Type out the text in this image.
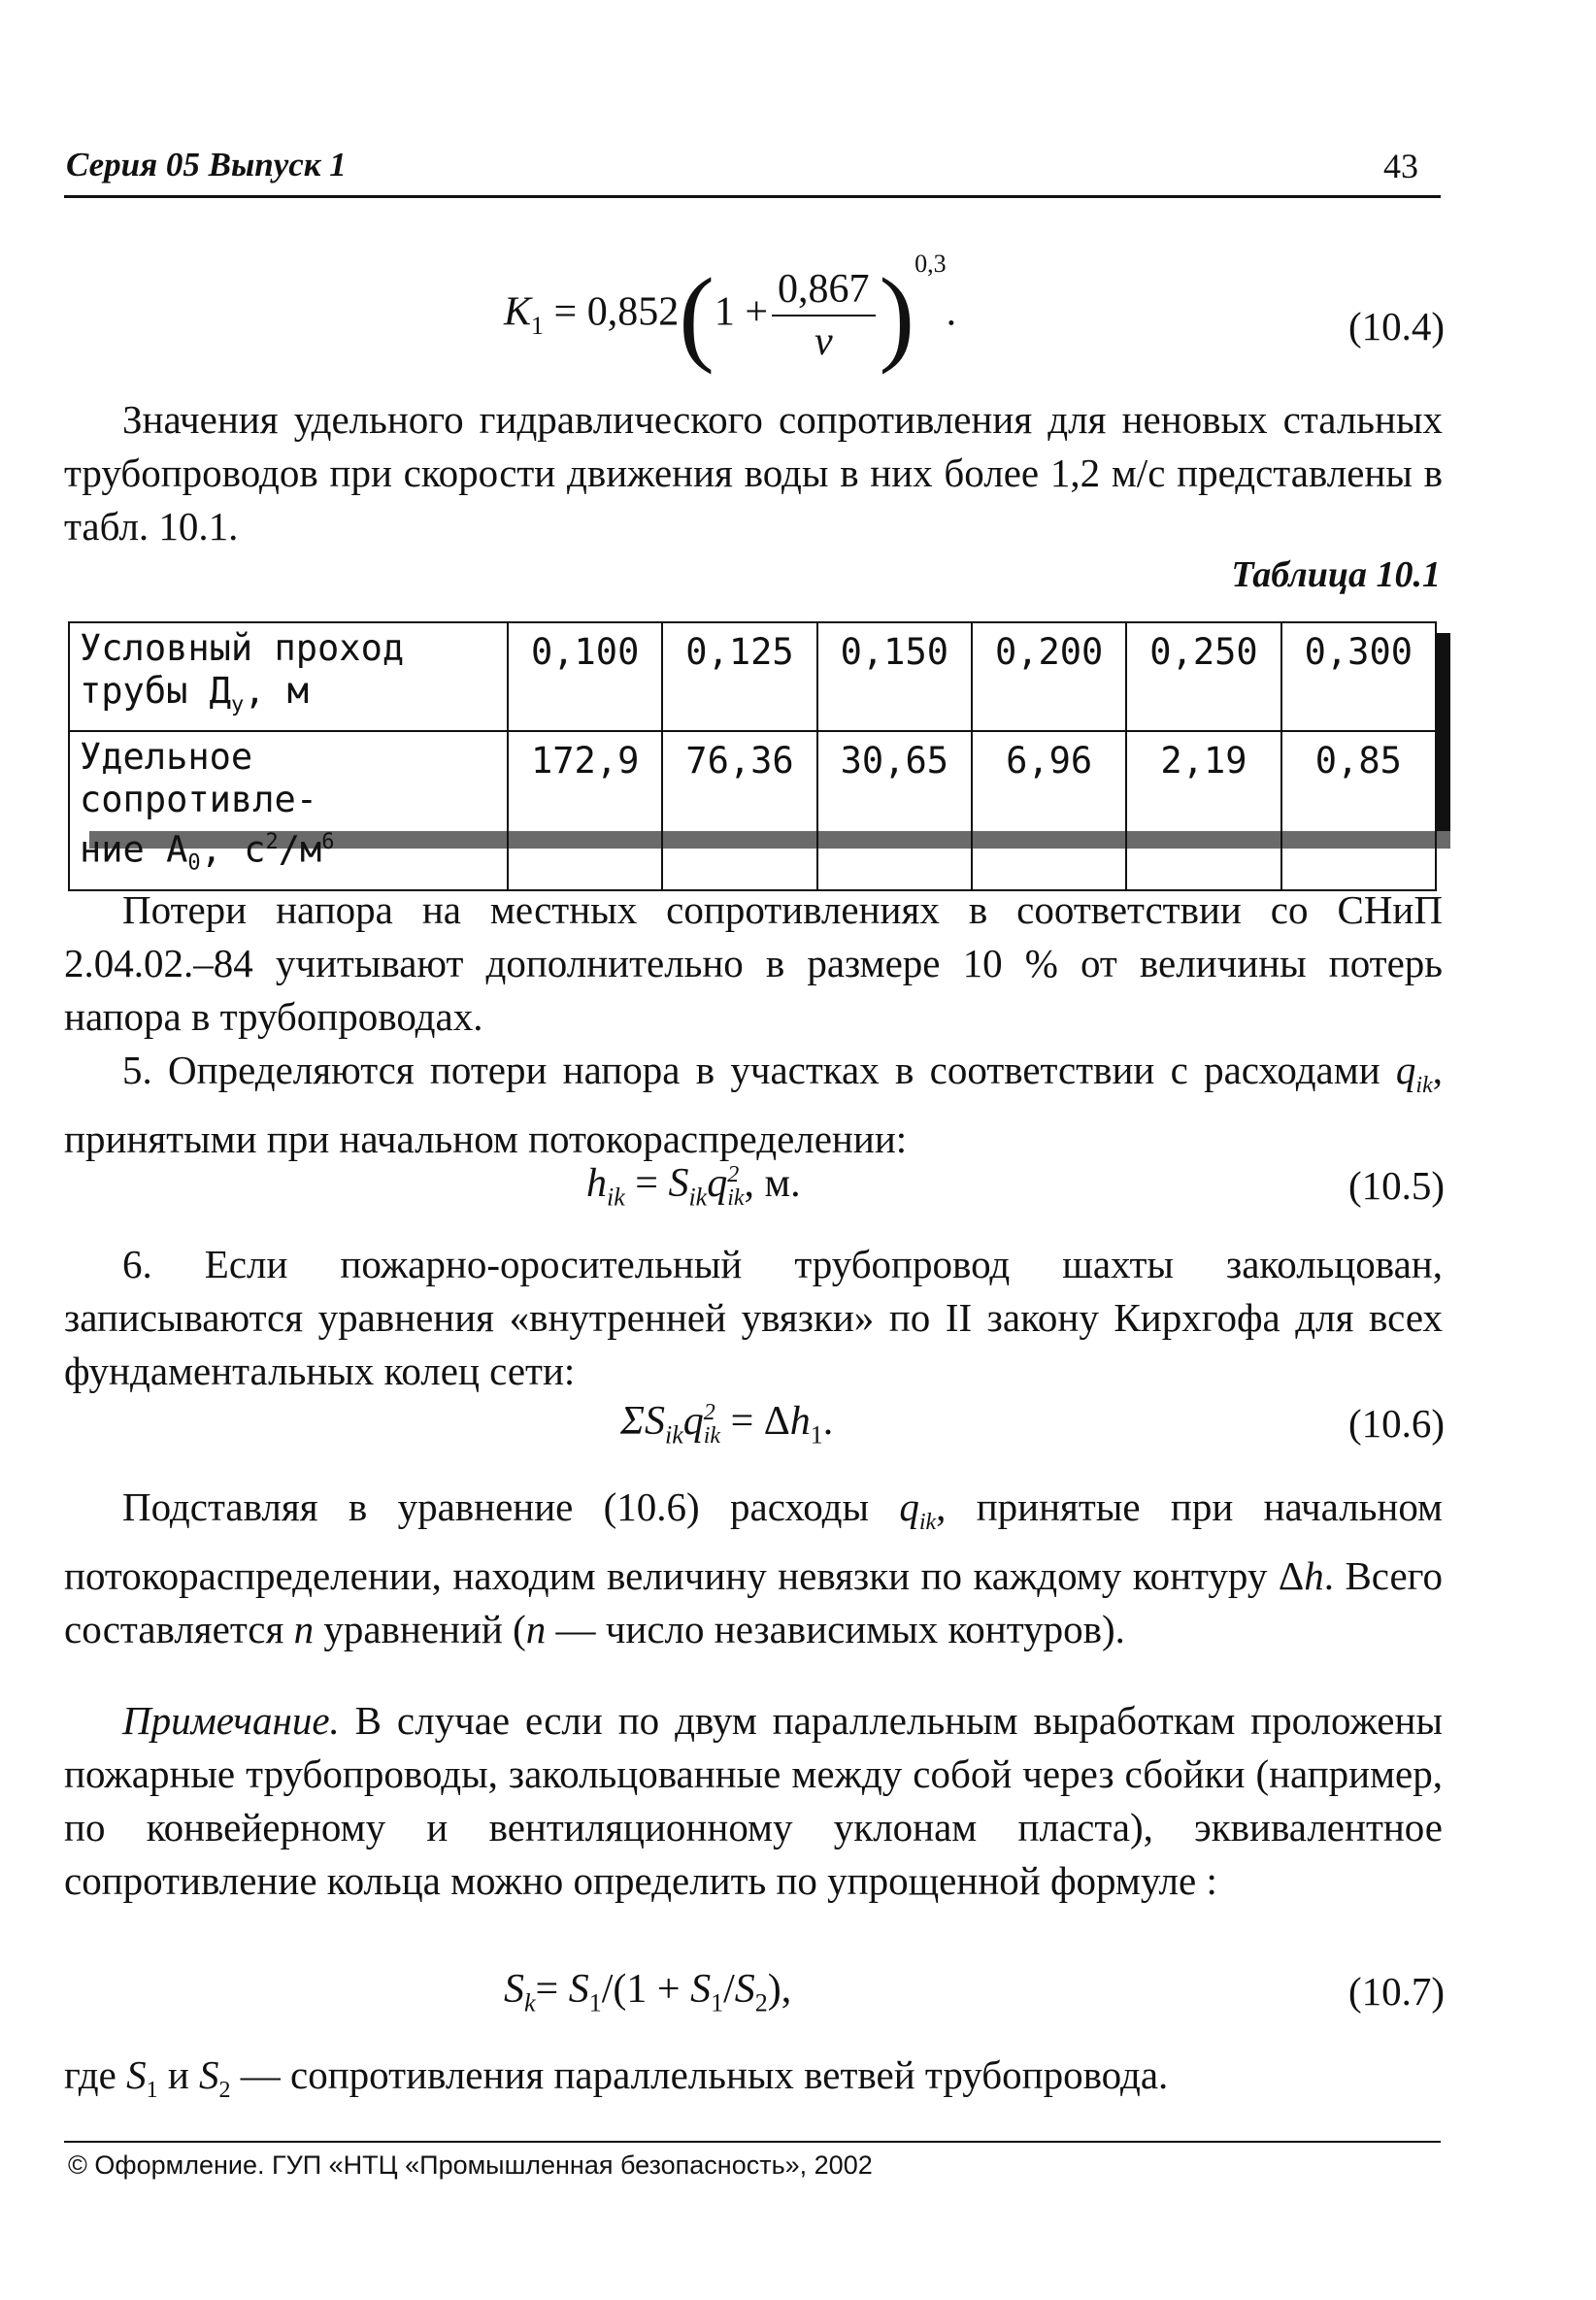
Серия 05 Выпуск 1	43
$K_1 = 0,852(1 + \frac{0,867}{v} )^{0,3}$.	(10.4)
Значения удельного гидравлического сопротивления для неновых стальных трубопроводов при скорости движения воды в них более 1,2 м/с представлены в табл. 10.1.
Таблица 10.1
Условный проход
трубы $Д_у$, м	0,100	0,125	0,150	0,200	0,250	0,300
Удельное сопротивле-
ние $A_0$, $с^2/м^6$	172,9	76,36	30,65	6,96	2,19	0,85
Потери напора на местных сопротивлениях в соответствии со СНиП 2.04.02.–84 учитывают дополнительно в размере 10 % от величины потерь напора в трубопроводах.
5. Определяются потери напора в участках в соответствии с расходами $q_{ik}$, принятыми при начальном потокораспределении:
$h_{ik} = S_{ik}q$ 2
ik , м.	(10.5)
6. Если пожарно-оросительный трубопровод шахты закольцован, записываются уравнения «внутренней увязки» по II закону Кирхгофа для всех фундаментальных колец сети:
$\Sigma S_{ik}q$ 2
ik = $\Delta h_1$.	(10.6)
Подставляя в уравнение (10.6) расходы $q_{ik}$, принятые при начальном потокораспределении, находим величину невязки по каждому контуру Δh. Всего составляется n уравнений (n — число независимых контуров).
Примечание. В случае если по двум параллельным выработкам проложены пожарные трубопроводы, закольцованные между собой через сбойки (например, по конвейерному и вентиляционному уклонам пласта), эквивалентное сопротивление кольца можно определить по упрощенной формуле :
$S_k= S_1/(1 + S_1/S_2)$,	(10.7)
где $S_1$ и $S_2$ — сопротивления параллельных ветвей трубопровода.
© Оформление. ГУП «НТЦ «Промышленная безопасность», 2002
